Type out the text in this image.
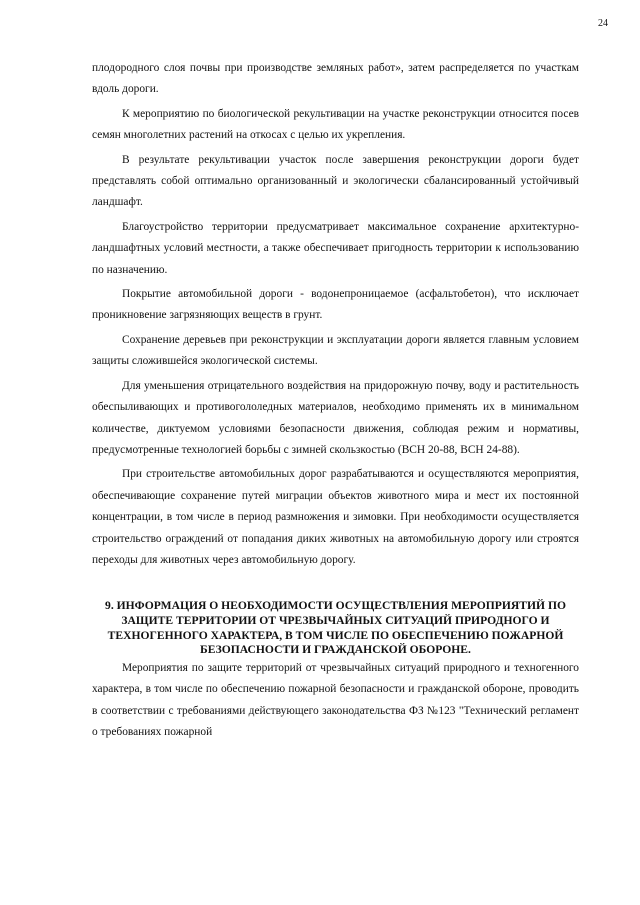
24

плодородного слоя почвы при производстве земляных работ», затем распределяется по участкам вдоль дороги.

К мероприятию по биологической рекультивации на участке реконструкции относится посев семян многолетних растений на откосах с целью их укрепления.

В результате рекультивации участок после завершения реконструкции дороги будет представлять собой оптимально организованный и экологически сбалансированный устойчивый ландшафт.

Благоустройство территории предусматривает максимальное сохранение архитектурно-ландшафтных условий местности, а также обеспечивает пригодность территории к использованию по назначению.

Покрытие автомобильной дороги - водонепроницаемое (асфальтобетон), что исключает проникновение загрязняющих веществ в грунт.

Сохранение деревьев при реконструкции и эксплуатации дороги является главным условием защиты сложившейся экологической системы.

Для уменьшения отрицательного воздействия на придорожную почву, воду и растительность обеспыливающих и противогололедных материалов, необходимо применять их в минимальном количестве, диктуемом условиями безопасности движения, соблюдая режим и нормативы, предусмотренные технологией борьбы с зимней скользкостью (ВСН 20-88, ВСН 24-88).

При строительстве автомобильных дорог разрабатываются и осуществляются мероприятия, обеспечивающие сохранение путей миграции объектов животного мира и мест их постоянной концентрации, в том числе в период размножения и зимовки. При необходимости осуществляется строительство ограждений от попадания диких животных на автомобильную дорогу или строятся переходы для животных через автомобильную дорогу.

9. ИНФОРМАЦИЯ О НЕОБХОДИМОСТИ ОСУЩЕСТВЛЕНИЯ МЕРОПРИЯТИЙ ПО ЗАЩИТЕ ТЕРРИТОРИИ ОТ ЧРЕЗВЫЧАЙНЫХ СИТУАЦИЙ ПРИРОДНОГО И ТЕХНОГЕННОГО ХАРАКТЕРА, В ТОМ ЧИСЛЕ ПО ОБЕСПЕЧЕНИЮ ПОЖАРНОЙ БЕЗОПАСНОСТИ И ГРАЖДАНСКОЙ ОБОРОНЕ.

Мероприятия по защите территорий от чрезвычайных ситуаций природного и техногенного характера, в том числе по обеспечению пожарной безопасности и гражданской обороне, проводить в соответствии с требованиями действующего законодательства ФЗ №123 "Технический регламент о требованиях пожарной
